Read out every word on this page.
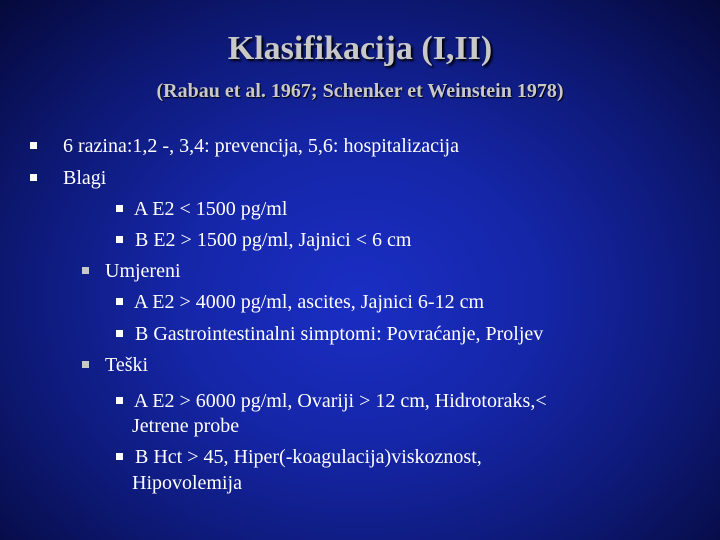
Klasifikacija (I,II)
(Rabau et al. 1967; Schenker et Weinstein 1978)
6 razina:1,2 -, 3,4: prevencija, 5,6: hospitalizacija
Blagi
A E2 < 1500 pg/ml
B E2 > 1500 pg/ml, Jajnici < 6 cm
Umjereni
A E2 > 4000 pg/ml, ascites, Jajnici 6-12 cm
B Gastrointestinalni simptomi: Povraćanje, Proljev
Teški
A E2 > 6000 pg/ml, Ovariji > 12 cm, Hidrotoraks,<
Jetrene probe
B Hct > 45, Hiper(-koagulacija)viskoznost,
Hipovolemija
